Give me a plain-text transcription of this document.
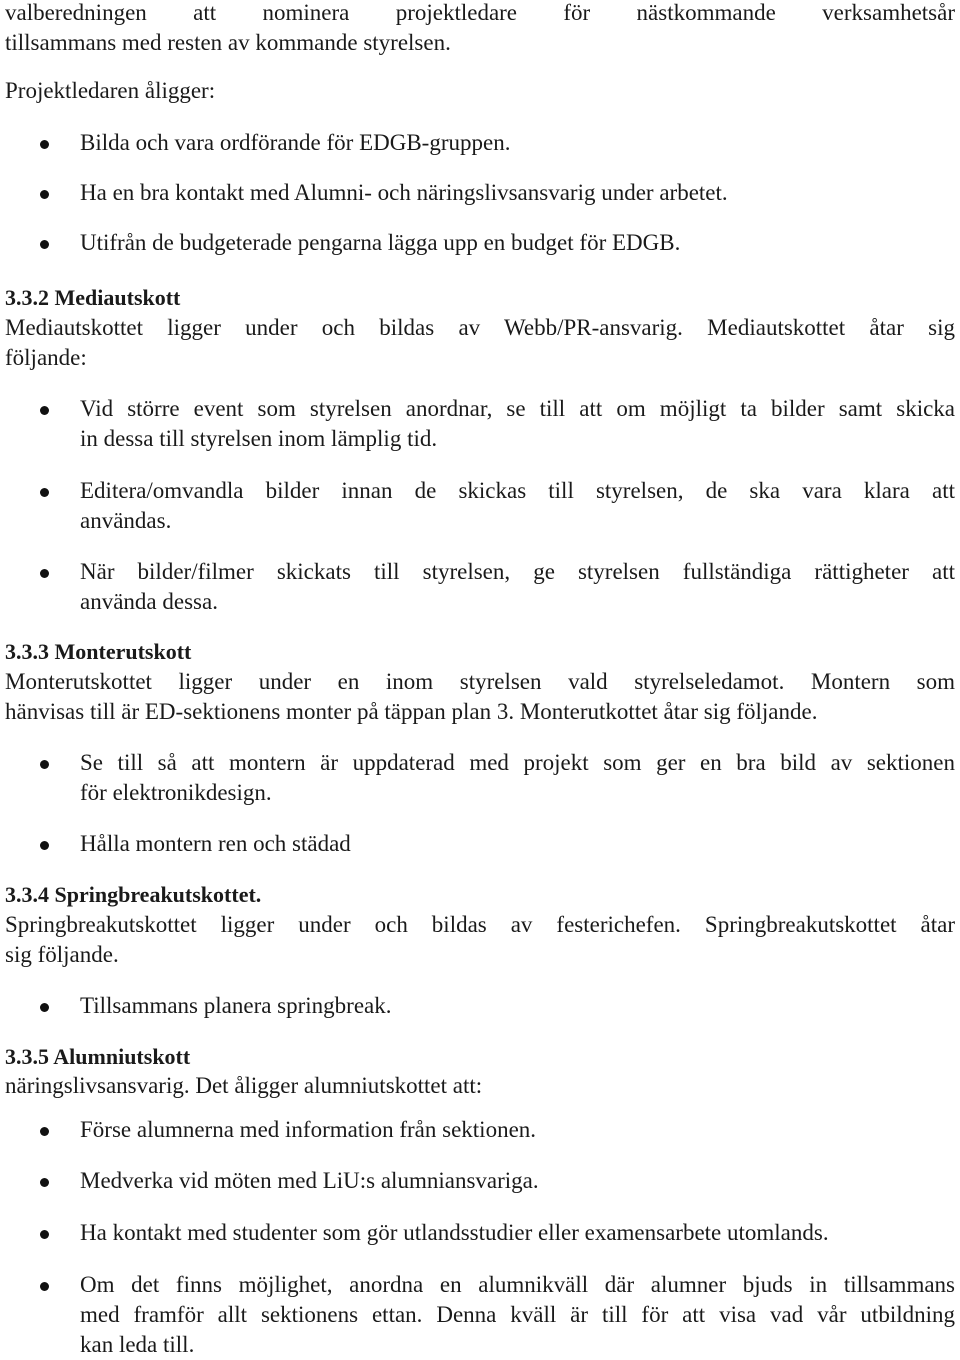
valberedningen att nominera projektledare för nästkommande verksamhetsår
tillsammans med resten av kommande styrelsen.
Projektledaren åligger:
Bilda och vara ordförande för EDGB-gruppen.
Ha en bra kontakt med Alumni- och näringslivsansvarig under arbetet.
Utifrån de budgeterade pengarna lägga upp en budget för EDGB.
3.3.2 Mediautskott
Mediautskottet ligger under och bildas av Webb/PR-ansvarig. Mediautskottet åtar sig
följande:
Vid större event som styrelsen anordnar, se till att om möjligt ta bilder samt skicka
in dessa till styrelsen inom lämplig tid.
Editera/omvandla bilder innan de skickas till styrelsen, de ska vara klara att
användas.
När bilder/filmer skickats till styrelsen, ge styrelsen fullständiga rättigheter att
använda dessa.
3.3.3 Monterutskott
Monterutskottet ligger under en inom styrelsen vald styrelseledamot. Montern som
hänvisas till är ED-sektionens monter på täppan plan 3. Monterutkottet åtar sig följande.
Se till så att montern är uppdaterad med projekt som ger en bra bild av sektionen
för elektronikdesign.
Hålla montern ren och städad
3.3.4 Springbreakutskottet.
Springbreakutskottet ligger under och bildas av festerichefen. Springbreakutskottet åtar
sig följande.
Tillsammans planera springbreak.
3.3.5 Alumniutskott
näringslivsansvarig. Det åligger alumniutskottet att:
Förse alumnerna med information från sektionen.
Medverka vid möten med LiU:s alumniansvariga.
Ha kontakt med studenter som gör utlandsstudier eller examensarbete utomlands.
Om det finns möjlighet, anordna en alumnikväll där alumner bjuds in tillsammans
med framför allt sektionens ettan. Denna kväll är till för att visa vad vår utbildning
kan leda till.
